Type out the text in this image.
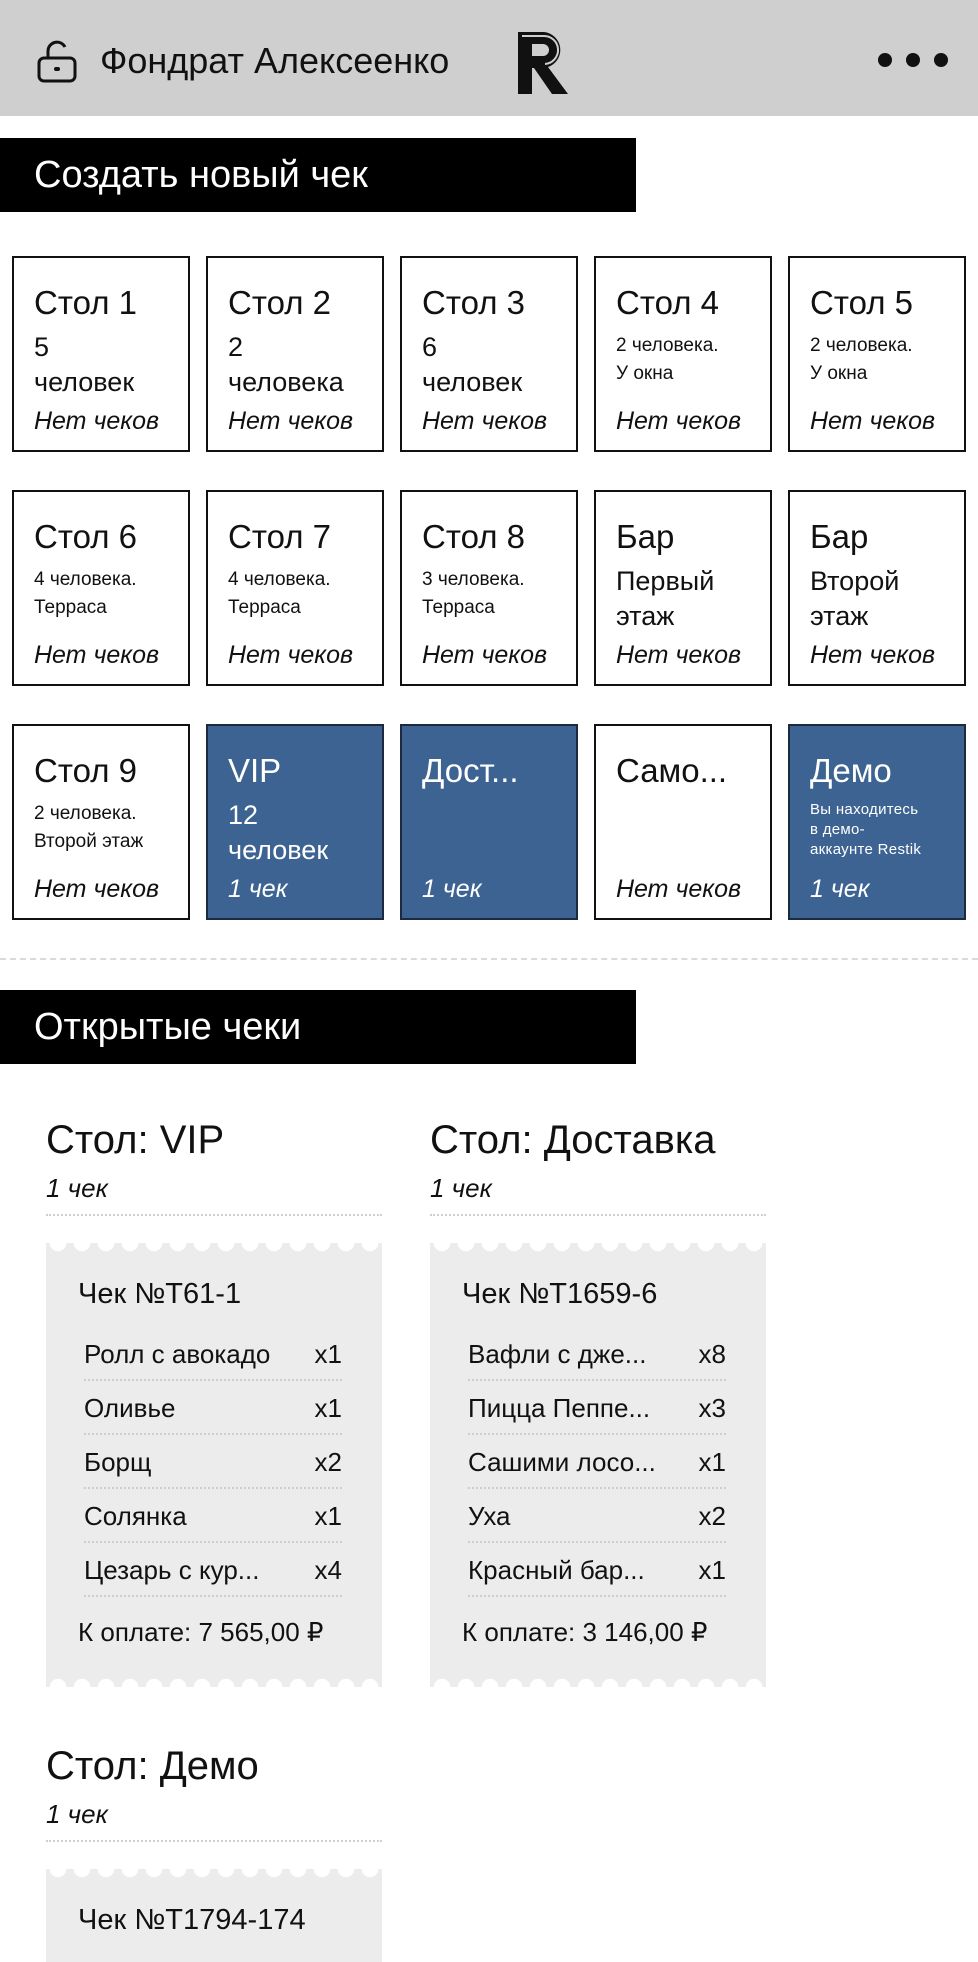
Фондрат Алексеенко
Создать новый чек
Стол 1
5
человек
Нет чеков
Стол 2
2
человека
Нет чеков
Стол 3
6
человек
Нет чеков
Стол 4
2 человека.
У окна
Нет чеков
Стол 5
2 человека.
У окна
Нет чеков
Стол 6
4 человека.
Терраса
Нет чеков
Стол 7
4 человека.
Терраса
Нет чеков
Стол 8
3 человека.
Терраса
Нет чеков
Бар
Первый
этаж
Нет чеков
Бар
Второй
этаж
Нет чеков
Стол 9
2 человека.
Второй этаж
Нет чеков
VIP
12
человек
1 чек
Дост...
1 чек
Само...
Нет чеков
Демо
Вы находитесь
в демо-
аккаунте Restik
1 чек
Открытые чеки
Стол: VIP
1 чек
Чек №T61-1
Ролл с авокадо	x1
Оливье	x1
Борщ	x2
Солянка	x1
Цезарь с кур...	x4
К оплате: 7 565,00 ₽
Стол: Доставка
1 чек
Чек №T1659-6
Вафли с дже...	x8
Пицца Пеппе...	x3
Сашими лосо...	x1
Уха	x2
Красный бар...	x1
К оплате: 3 146,00 ₽
Стол: Демо
1 чек
Чек №T1794-174
